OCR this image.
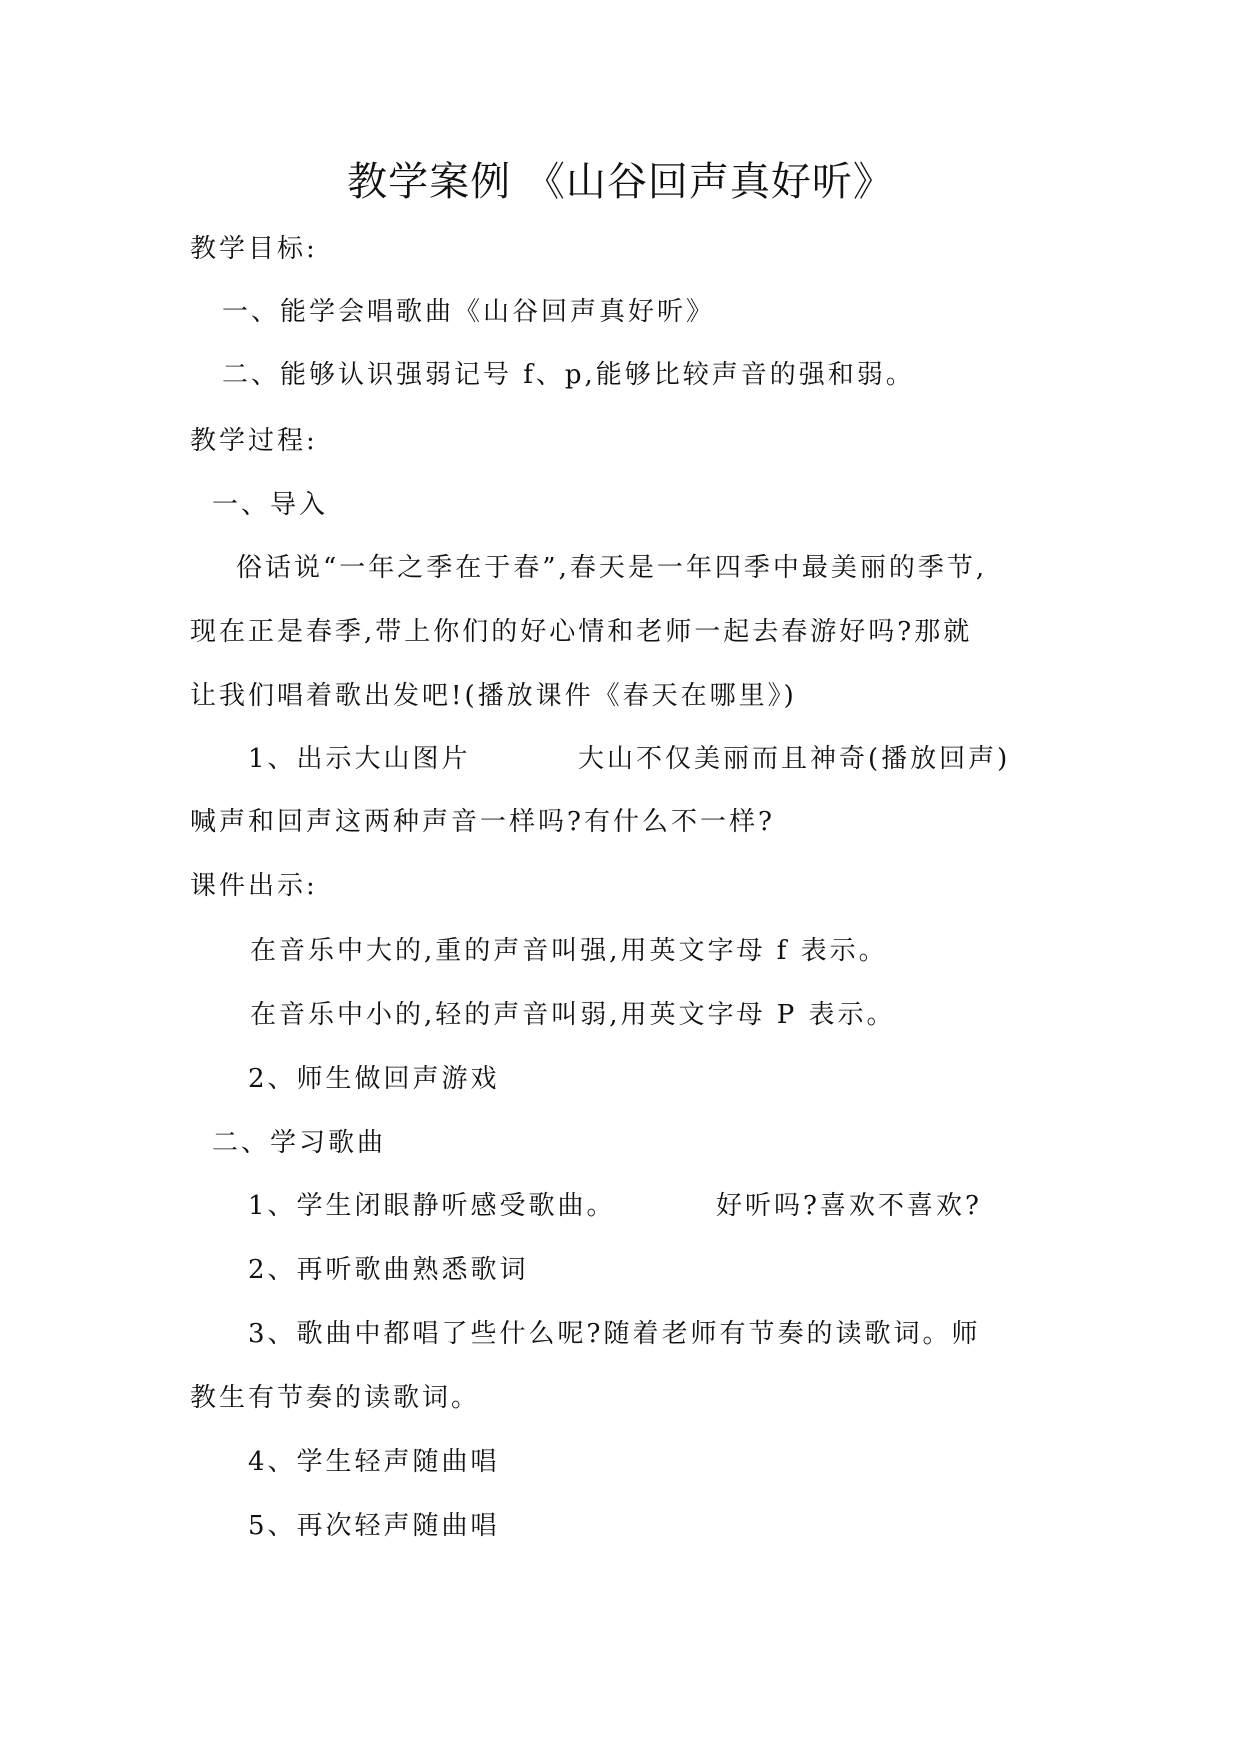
教学案例 《山谷回声真好听》
教学目标:
一、能学会唱歌曲《山谷回声真好听》
二、能够认识强弱记号 f、p,能够比较声音的强和弱。
教学过程:
一、导入
俗话说“一年之季在于春”,春天是一年四季中最美丽的季节,
现在正是春季,带上你们的好心情和老师一起去春游好吗?那就
让我们唱着歌出发吧!(播放课件《春天在哪里》)
1、出示大山图片	大山不仅美丽而且神奇(播放回声)
喊声和回声这两种声音一样吗?有什么不一样?
课件出示:
在音乐中大的,重的声音叫强,用英文字母 f 表示。
在音乐中小的,轻的声音叫弱,用英文字母 P 表示。
2、师生做回声游戏
二、学习歌曲
1、学生闭眼静听感受歌曲。	好听吗?喜欢不喜欢?
2、再听歌曲熟悉歌词
3、歌曲中都唱了些什么呢?随着老师有节奏的读歌词。师
教生有节奏的读歌词。
4、学生轻声随曲唱
5、再次轻声随曲唱
